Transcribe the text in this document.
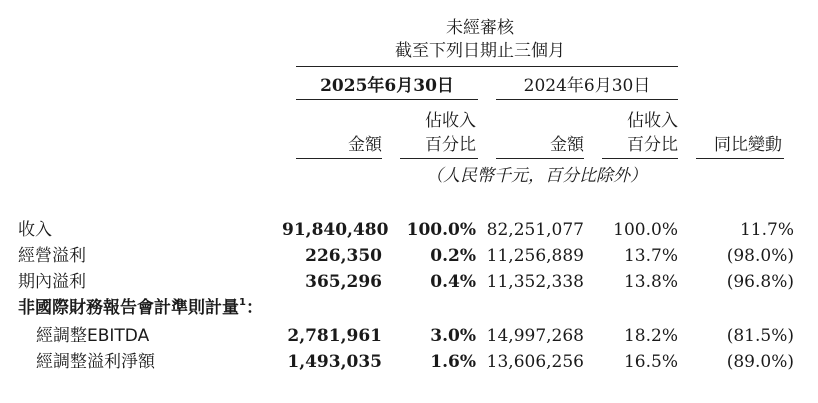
未經審核
截至下列日期止三個月
2025年6月30日	2024年6月30日
金額
佔收入
百分比	金額
佔收入
百分比	同比變動
（人民幣千元，百分比除外）
收入	91,840,480	100.0% 82,251,077	100.0%	11.7%
經營溢利	226,350	0.2% 11,256,889	13.7%	(98.0%)
期內溢利	365,296	0.4% 11,352,338	13.8%	(96.8%)
非國際財務報告會計準則計量$^1$：
經調整EBITDA	2,781,961	3.0% 14,997,268	18.2%	(81.5%)
經調整溢利淨額	1,493,035	1.6% 13,606,256	16.5%	(89.0%)
